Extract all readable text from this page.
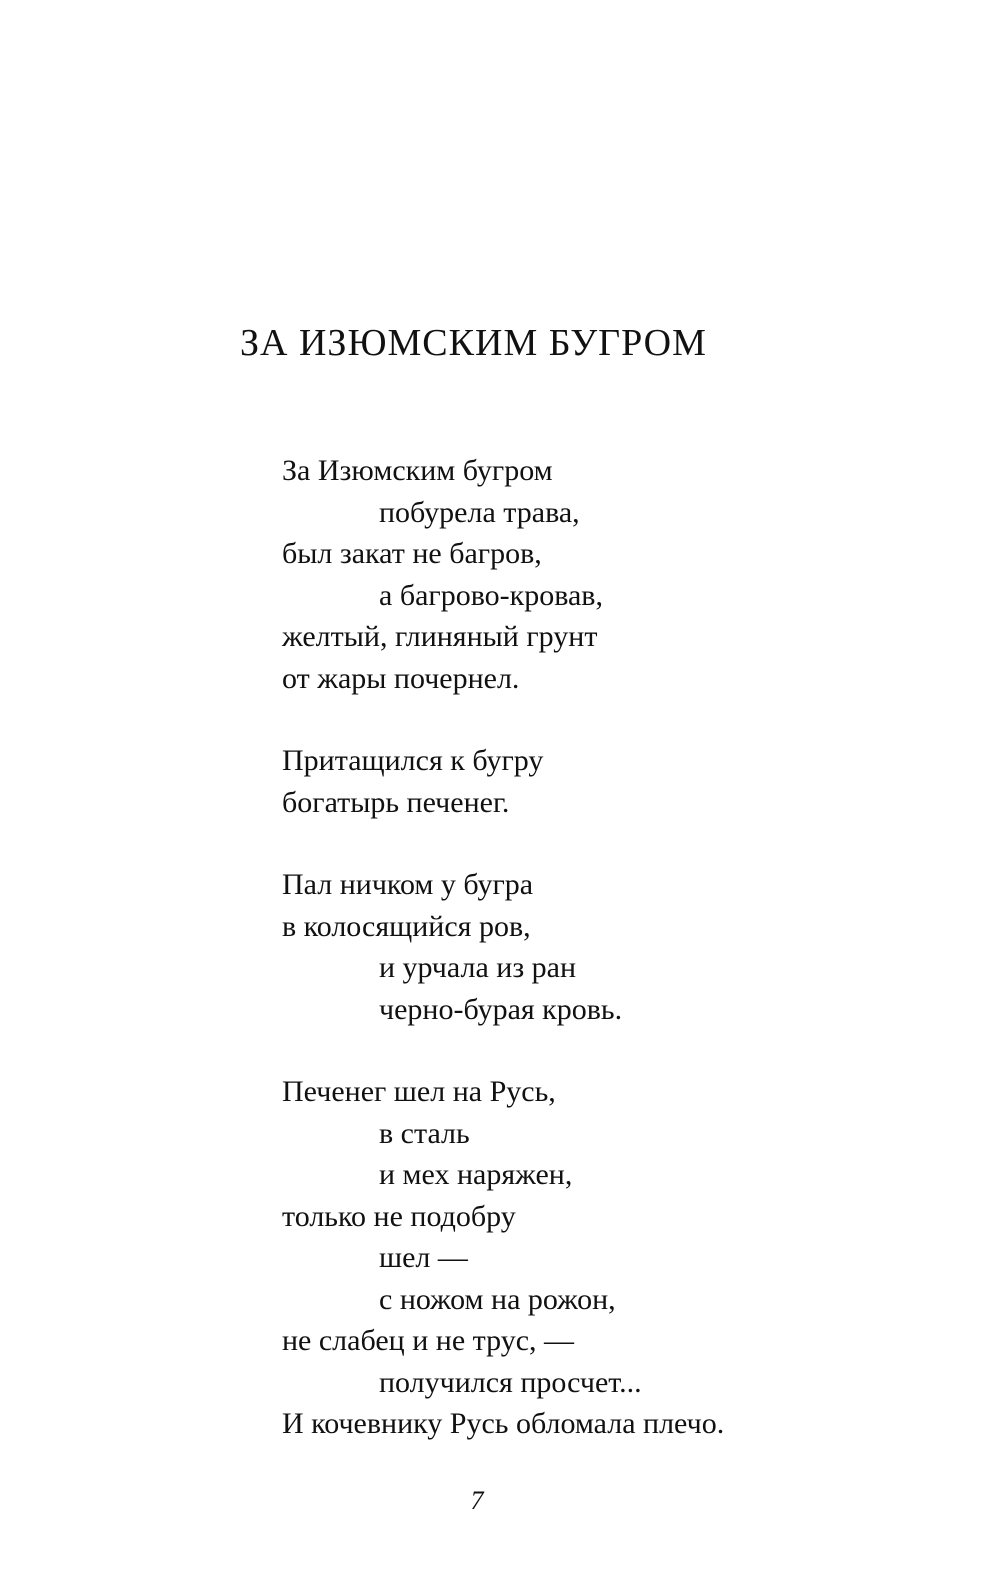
ЗА ИЗЮМСКИМ БУГРОМ
За Изюмским бугром
побурела трава,
был закат не багров,
а багрово-кровав,
желтый, глиняный грунт
от жары почернел.
Притащился к бугру
богатырь печенег.
Пал ничком у бугра
в колосящийся ров,
и урчала из ран
черно-бурая кровь.
Печенег шел на Русь,
в сталь
и мех наряжен,
только не подобру
шел —
с ножом на рожон,
не слабец и не трус, —
получился просчет...
И кочевнику Русь обломала плечо.
7
